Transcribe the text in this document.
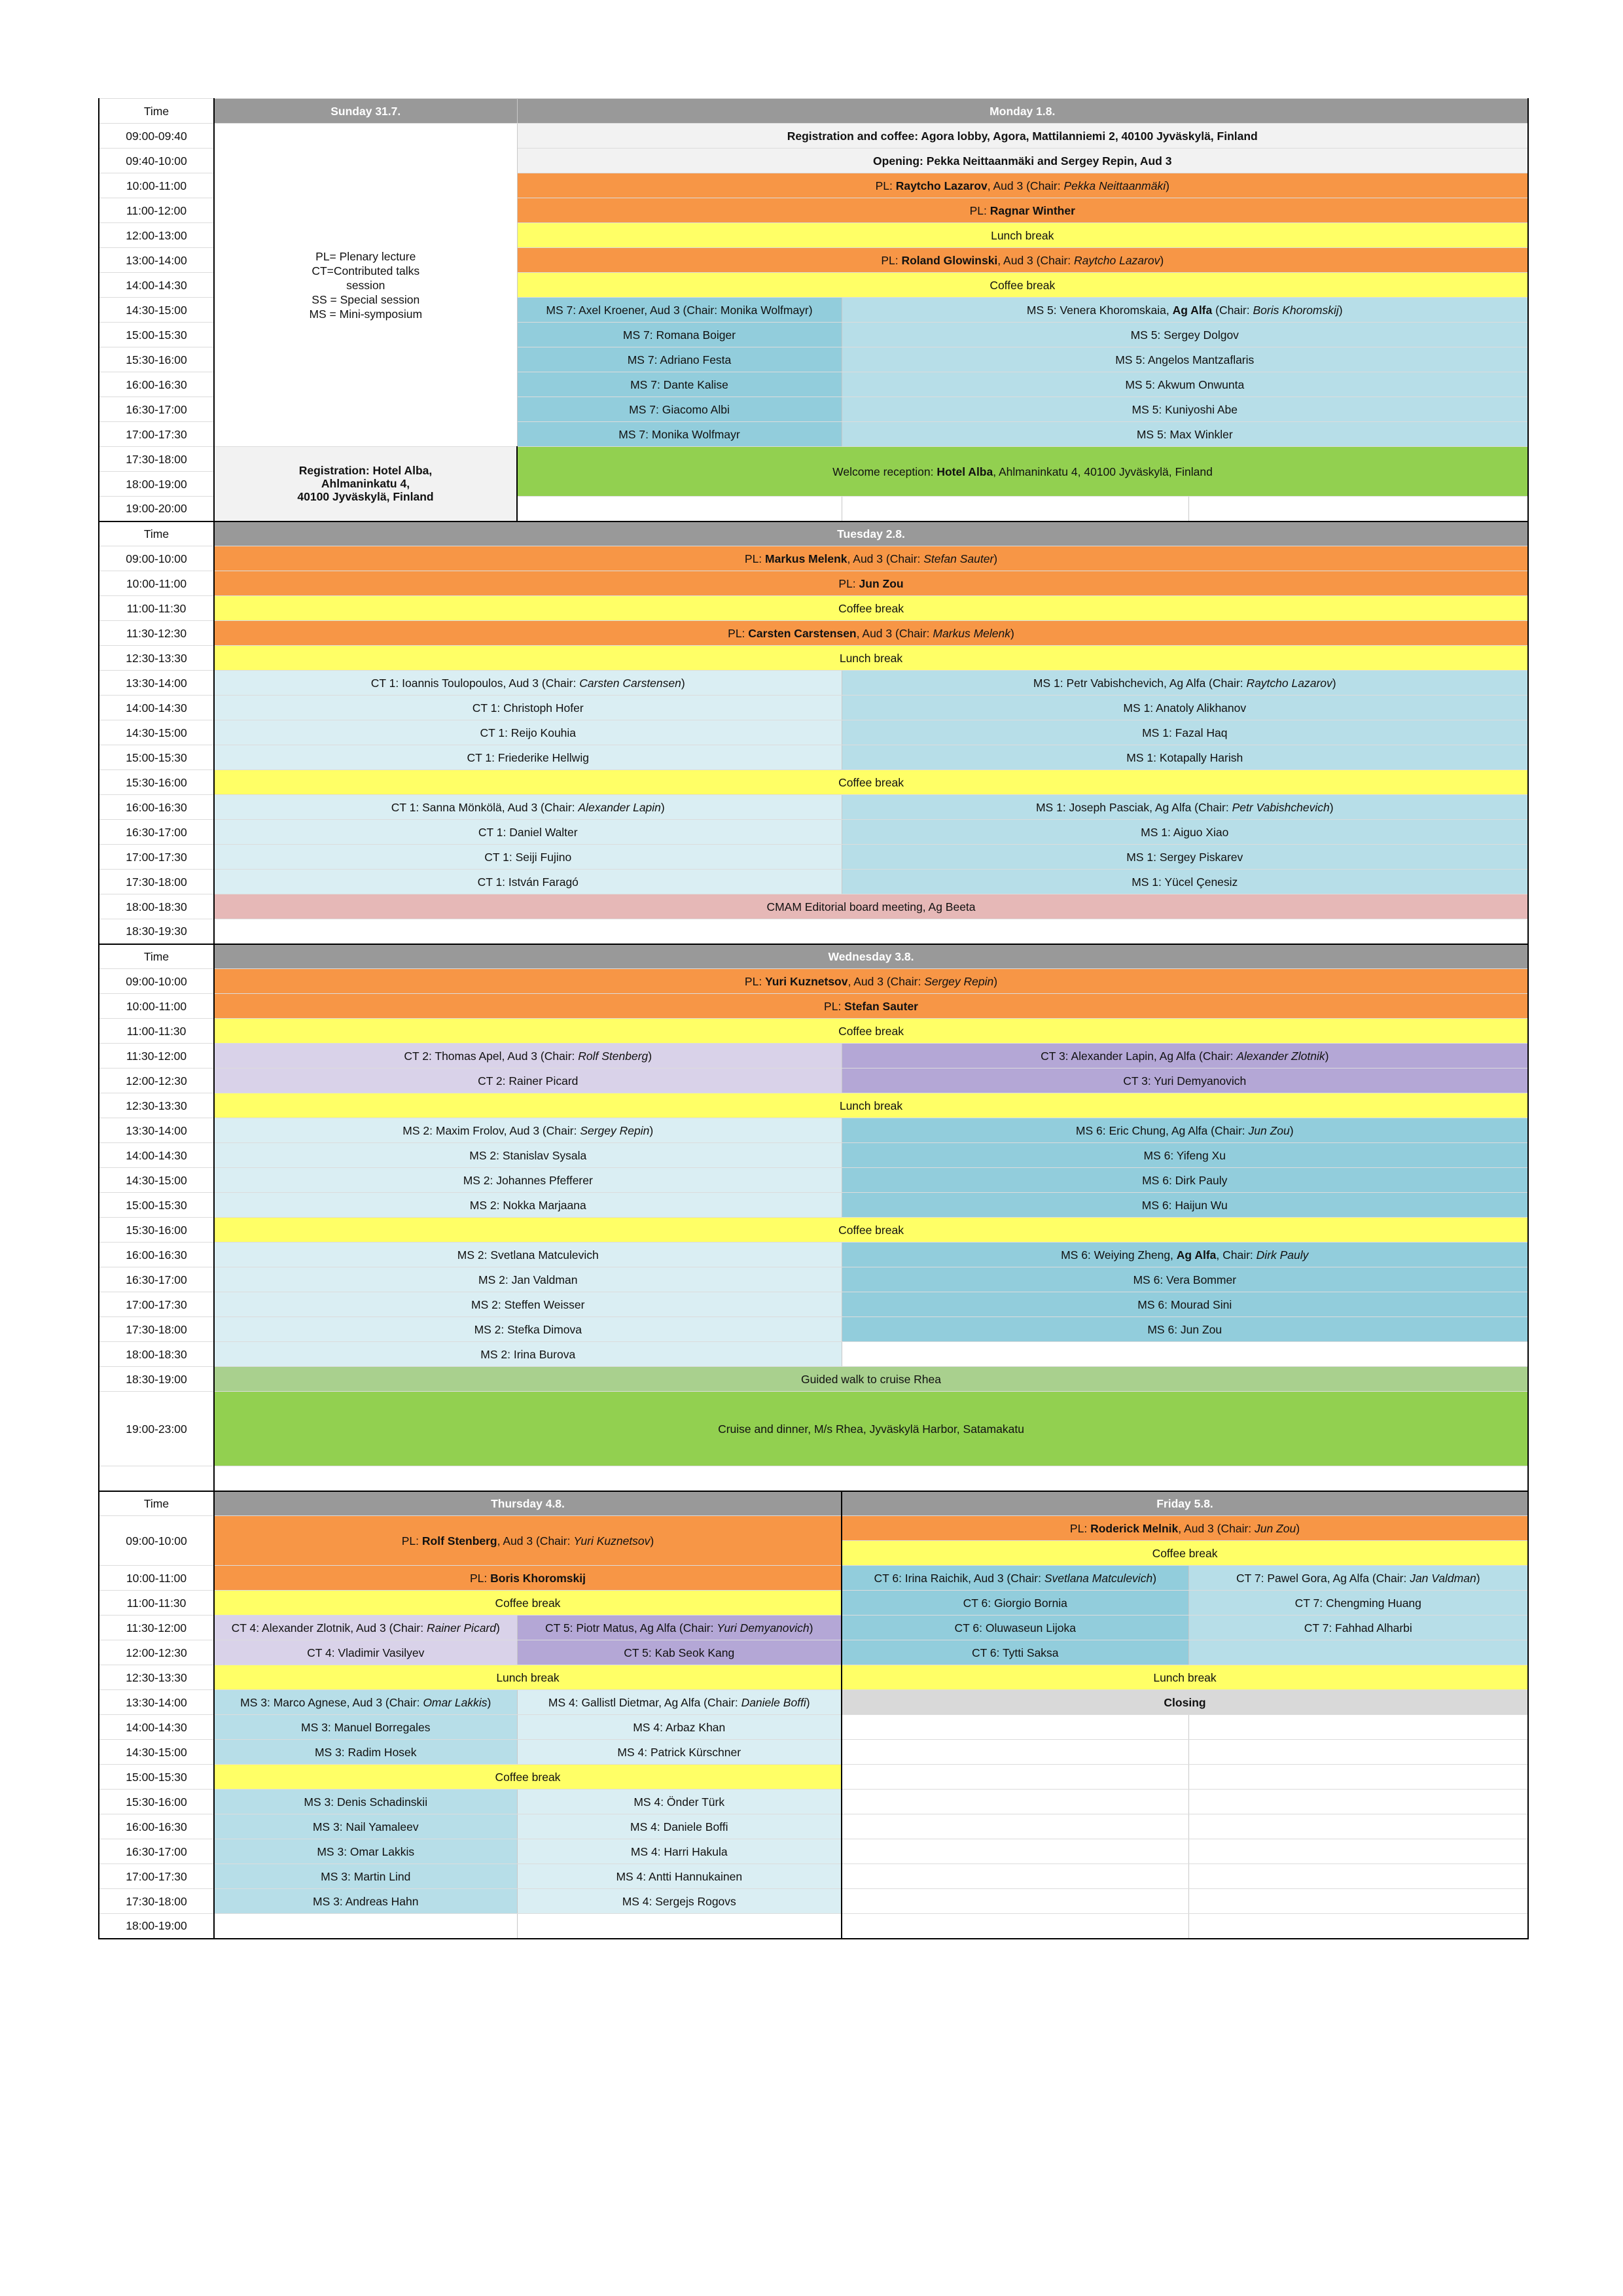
Time	Sunday 31.7.	Monday 1.8.		
09:00-09:40	PL= Plenary lecture
CT=Contributed talks
session
SS = Special session
MS = Mini-symposium	Registration and coffee: Agora lobby, Agora, Mattilanniemi 2, 40100 Jyväskylä, Finland		
09:40-10:00		Opening: Pekka Neittaanmäki and Sergey Repin, Aud 3		
10:00-11:00		PL: Raytcho Lazarov, Aud 3 (Chair: Pekka Neittaanmäki)		
11:00-12:00		PL: Ragnar Winther		
12:00-13:00		Lunch break		
13:00-14:00		PL: Roland Glowinski, Aud 3 (Chair: Raytcho Lazarov)		
14:00-14:30		Coffee break		
14:30-15:00		MS 7: Axel Kroener, Aud 3 (Chair: Monika Wolfmayr)	MS 5: Venera Khoromskaia, Ag Alfa (Chair: Boris Khoromskij)	
15:00-15:30		MS 7: Romana Boiger	MS 5: Sergey Dolgov	
15:30-16:00		MS 7: Adriano Festa	MS 5: Angelos Mantzaflaris	
16:00-16:30		MS 7: Dante Kalise	MS 5: Akwum Onwunta	
16:30-17:00		MS 7: Giacomo Albi	MS 5: Kuniyoshi Abe	
17:00-17:30		MS 7: Monika Wolfmayr	MS 5: Max Winkler	
17:30-18:00	Registration: Hotel Alba,
Ahlmaninkatu 4,
40100 Jyväskylä, Finland	Welcome reception: Hotel Alba, Ahlmaninkatu 4, 40100 Jyväskylä, Finland		
18:00-19:00				
19:00-20:00				
Time	Tuesday 2.8.			
09:00-10:00	PL: Markus Melenk, Aud 3 (Chair: Stefan Sauter)			
10:00-11:00	PL: Jun Zou			
11:00-11:30	Coffee break			
11:30-12:30	PL: Carsten Carstensen, Aud 3 (Chair: Markus Melenk)			
12:30-13:30	Lunch break			
13:30-14:00	CT 1: Ioannis Toulopoulos, Aud 3 (Chair: Carsten Carstensen)		MS 1: Petr Vabishchevich, Ag Alfa (Chair: Raytcho Lazarov)	
14:00-14:30	CT 1: Christoph Hofer		MS 1: Anatoly Alikhanov	
14:30-15:00	CT 1: Reijo Kouhia		MS 1: Fazal Haq	
15:00-15:30	CT 1: Friederike Hellwig		MS 1: Kotapally Harish	
15:30-16:00	Coffee break			
16:00-16:30	CT 1: Sanna Mönkölä, Aud 3 (Chair: Alexander Lapin)		MS 1: Joseph Pasciak, Ag Alfa (Chair: Petr Vabishchevich)	
16:30-17:00	CT 1: Daniel Walter		MS 1: Aiguo Xiao	
17:00-17:30	CT 1: Seiji Fujino		MS 1: Sergey Piskarev	
17:30-18:00	CT 1: István Faragó		MS 1: Yücel Çenesiz	
18:00-18:30	CMAM Editorial board meeting, Ag Beeta			
18:30-19:30				
Time	Wednesday 3.8.			
09:00-10:00	PL: Yuri Kuznetsov, Aud 3 (Chair: Sergey Repin)			
10:00-11:00	PL: Stefan Sauter			
11:00-11:30	Coffee break			
11:30-12:00	CT 2: Thomas Apel, Aud 3 (Chair: Rolf Stenberg)		CT 3: Alexander Lapin, Ag Alfa (Chair: Alexander Zlotnik)	
12:00-12:30	CT 2: Rainer Picard		CT 3: Yuri Demyanovich	
12:30-13:30	Lunch break			
13:30-14:00	MS 2: Maxim Frolov, Aud 3 (Chair: Sergey Repin)		MS 6: Eric Chung, Ag Alfa (Chair: Jun Zou)	
14:00-14:30	MS 2: Stanislav Sysala		MS 6: Yifeng Xu	
14:30-15:00	MS 2: Johannes Pfefferer		MS 6: Dirk Pauly	
15:00-15:30	MS 2: Nokka Marjaana		MS 6: Haijun Wu	
15:30-16:00	Coffee break			
16:00-16:30	MS 2: Svetlana Matculevich		MS 6: Weiying Zheng, Ag Alfa, Chair: Dirk Pauly	
16:30-17:00	MS 2: Jan Valdman		MS 6: Vera Bommer	
17:00-17:30	MS 2: Steffen Weisser		MS 6: Mourad Sini	
17:30-18:00	MS 2: Stefka Dimova		MS 6: Jun Zou	
18:00-18:30	MS 2: Irina Burova			
18:30-19:00	Guided walk to cruise Rhea			
19:00-23:00	Cruise and dinner, M/s Rhea, Jyväskylä Harbor, Satamakatu			

Time	Thursday 4.8.		Friday 5.8.	
09:00-10:00	PL: Rolf Stenberg, Aud 3 (Chair: Yuri Kuznetsov)		PL: Roderick Melnik, Aud 3 (Chair: Jun Zou)	
			Coffee break	
10:00-11:00	PL: Boris Khoromskij		CT 6: Irina Raichik, Aud 3 (Chair: Svetlana Matculevich)	CT 7: Pawel Gora, Ag Alfa (Chair: Jan Valdman)
11:00-11:30	Coffee break		CT 6: Giorgio Bornia	CT 7: Chengming Huang
11:30-12:00	CT 4: Alexander Zlotnik, Aud 3 (Chair: Rainer Picard)	CT 5: Piotr Matus, Ag Alfa (Chair: Yuri Demyanovich)	CT 6: Oluwaseun Lijoka	CT 7: Fahhad Alharbi
12:00-12:30	CT 4: Vladimir Vasilyev	CT 5: Kab Seok Kang	CT 6: Tytti Saksa	
12:30-13:30	Lunch break		Lunch break	
13:30-14:00	MS 3: Marco Agnese, Aud 3 (Chair: Omar Lakkis)	MS 4: Gallistl Dietmar, Ag Alfa (Chair: Daniele Boffi)	Closing	
14:00-14:30	MS 3: Manuel Borregales	MS 4: Arbaz Khan		
14:30-15:00	MS 3: Radim Hosek	MS 4: Patrick Kürschner		
15:00-15:30	Coffee break			
15:30-16:00	MS 3: Denis Schadinskii	MS 4: Önder Türk		
16:00-16:30	MS 3: Nail Yamaleev	MS 4: Daniele Boffi		
16:30-17:00	MS 3: Omar Lakkis	MS 4: Harri Hakula		
17:00-17:30	MS 3: Martin Lind	MS 4: Antti Hannukainen		
17:30-18:00	MS 3: Andreas Hahn	MS 4: Sergejs Rogovs		
18:00-19:00				
